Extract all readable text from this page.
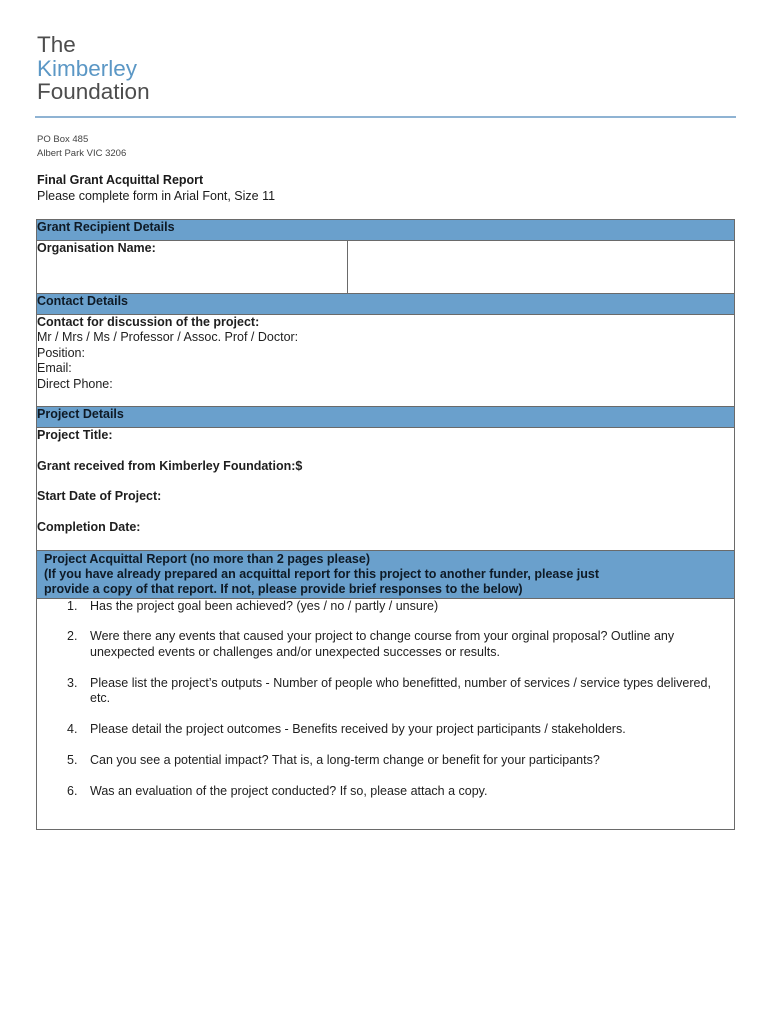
The
Kimberley
Foundation
PO Box 485
Albert Park VIC 3206
Final Grant Acquittal Report
Please complete form in Arial Font, Size 11
Grant Recipient Details
Organisation Name:	
Contact Details

Contact for discussion of the project:
Mr / Mrs / Ms / Professor / Assoc. Prof / Doctor:
Position:
Email:
Direct Phone:

Project Details

Project Title:
Grant received from Kimberley Foundation:$
Start Date of Project:
Completion Date:

Project Acquittal Report (no more than 2 pages please)
(If you have already prepared an acquittal report for this project to another funder, please just
provide a copy of that report. If not, please provide brief responses to the below)

1. Has the project goal been achieved? (yes / no / partly / unsure)
2. Were there any events that caused your project to change course from your orginal proposal? Outline any unexpected events or challenges and/or unexpected successes or results.
3. Please list the project’s outputs - Number of people who benefitted, number of services / service types delivered, etc.
4. Please detail the project outcomes - Benefits received by your project participants / stakeholders.
5. Can you see a potential impact? That is, a long-term change or benefit for your participants?
6. Was an evaluation of the project conducted? If so, please attach a copy.
